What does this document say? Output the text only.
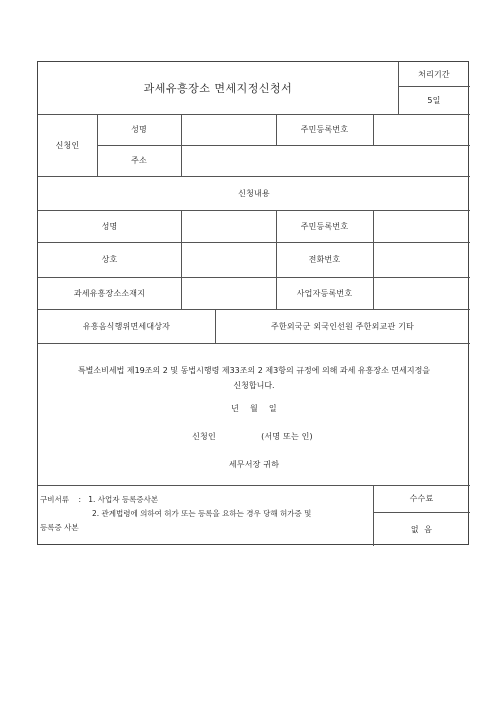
과세유흥장소 면세지정신청서
처리기간
5일
신청인
성명	주민등록번호
주소
신청내용
성명	주민등록번호
상호	전화번호
과세유흥장소소재지	사업자등록번호
유흥음식행위면세대상자	주한외국군 외국인선원 주한외교관 기타
특별소비세법 제19조의 2 및 동법시행령 제33조의 2 제3항의 규정에 의해 과세 유흥장소 면세지정을
신청합니다.
년    월    일
신청인	(서명 또는 인)
세무서장 귀하
구비서류    :   1. 사업자 등록증사본
2. 관계법령에 의하여 허가 또는 등록을 요하는 경우 당해 허가증 및
등록증 사본
수수료
없  음
